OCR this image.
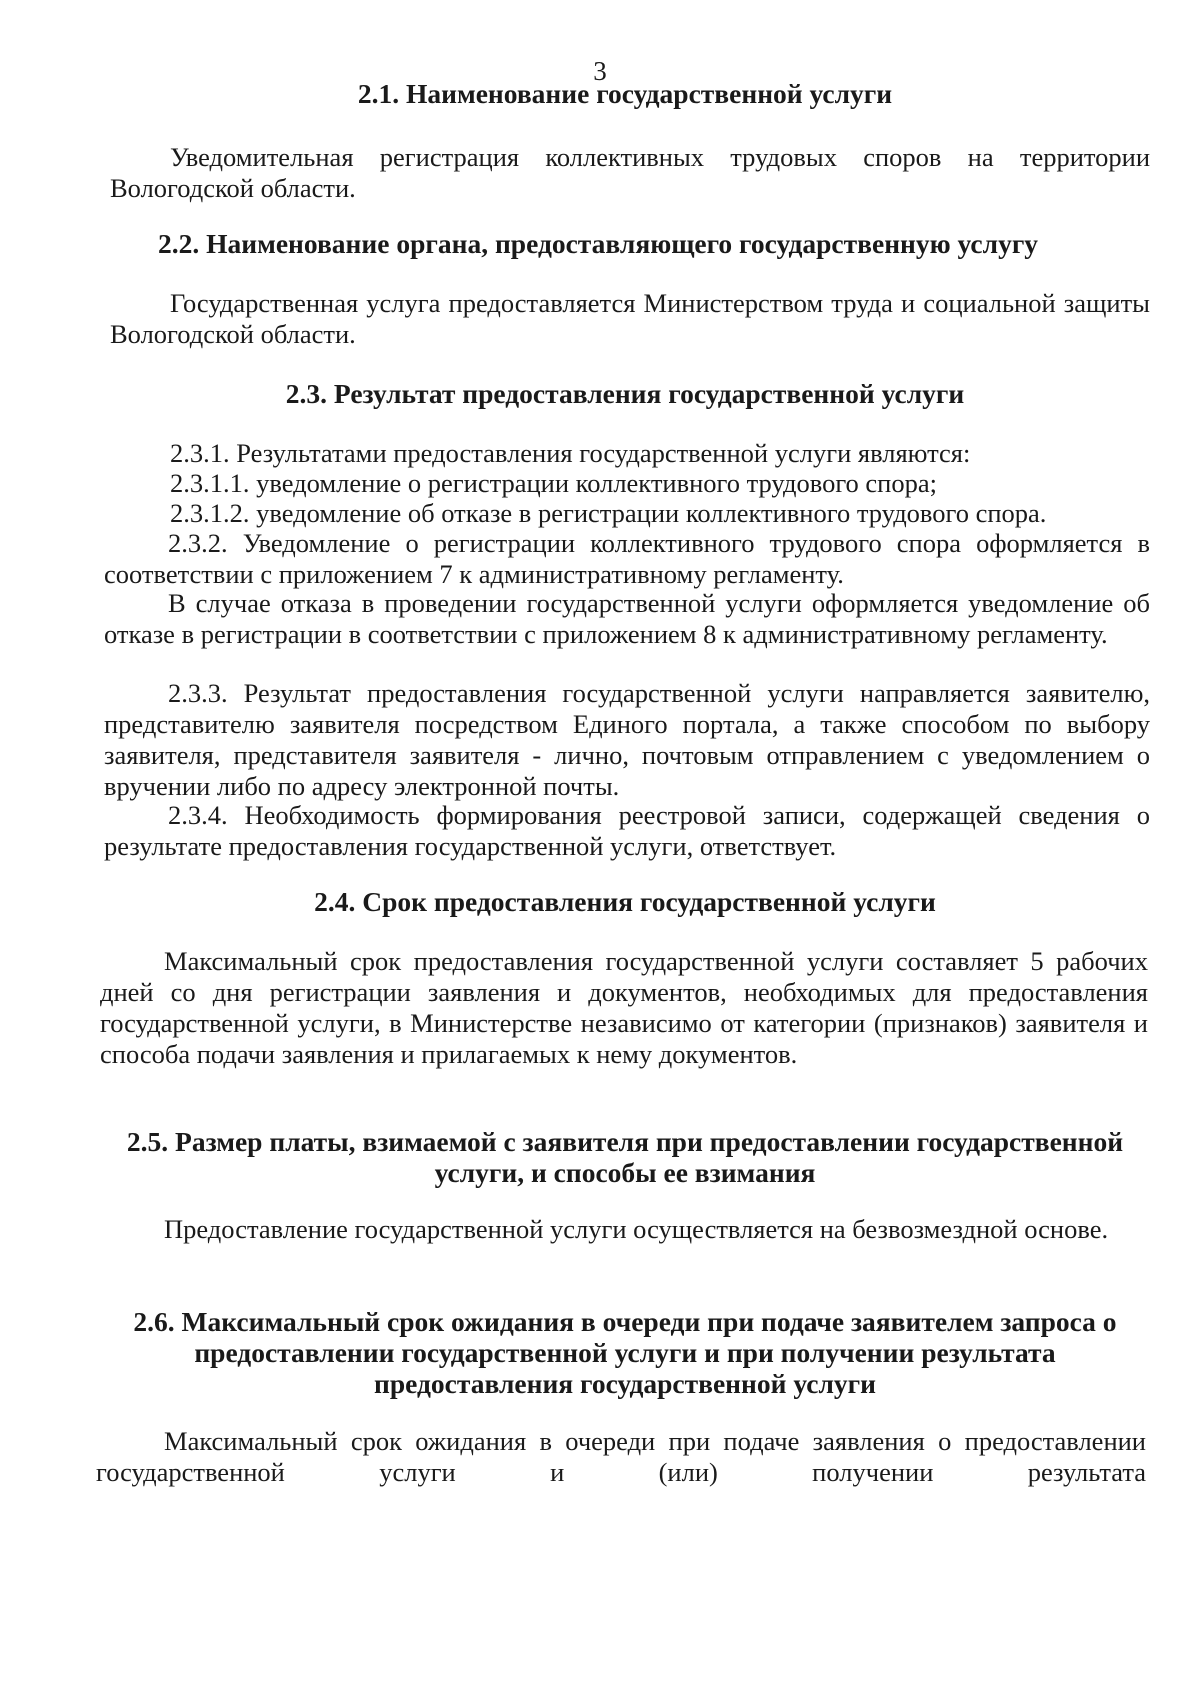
3
2.1. Наименование государственной услуги
Уведомительная регистрация коллективных трудовых споров на территории Вологодской области.
2.2. Наименование органа, предоставляющего государственную услугу
Государственная услуга предоставляется Министерством труда и социальной защиты Вологодской области.
2.3. Результат предоставления государственной услуги
2.3.1. Результатами предоставления государственной услуги являются:
2.3.1.1. уведомление о регистрации коллективного трудового спора;
2.3.1.2. уведомление об отказе в регистрации коллективного трудового спора.
2.3.2. Уведомление о регистрации коллективного трудового спора оформляется в соответствии с приложением 7 к административному регламенту.
В случае отказа в проведении государственной услуги оформляется уведомление об отказе в регистрации в соответствии с приложением 8 к административному регламенту.
2.3.3. Результат предоставления государственной услуги направляется заявителю, представителю заявителя посредством Единого портала, а также способом по выбору заявителя, представителя заявителя - лично, почтовым отправлением с уведомлением о вручении либо по адресу электронной почты.
2.3.4. Необходимость формирования реестровой записи, содержащей сведения о результате предоставления государственной услуги, ответствует.
2.4. Срок предоставления государственной услуги
Максимальный срок предоставления государственной услуги составляет 5 рабочих дней со дня регистрации заявления и документов, необходимых для предоставления государственной услуги, в Министерстве независимо от категории (признаков) заявителя и способа подачи заявления и прилагаемых к нему документов.
2.5. Размер платы, взимаемой с заявителя при предоставлении государственной
услуги, и способы ее взимания
Предоставление государственной услуги осуществляется на безвозмездной основе.
2.6. Максимальный срок ожидания в очереди при подаче заявителем запроса о
предоставлении государственной услуги и при получении результата
предоставления государственной услуги
Максимальный срок ожидания в очереди при подаче заявления о предоставлении государственной услуги и (или) получении результата
